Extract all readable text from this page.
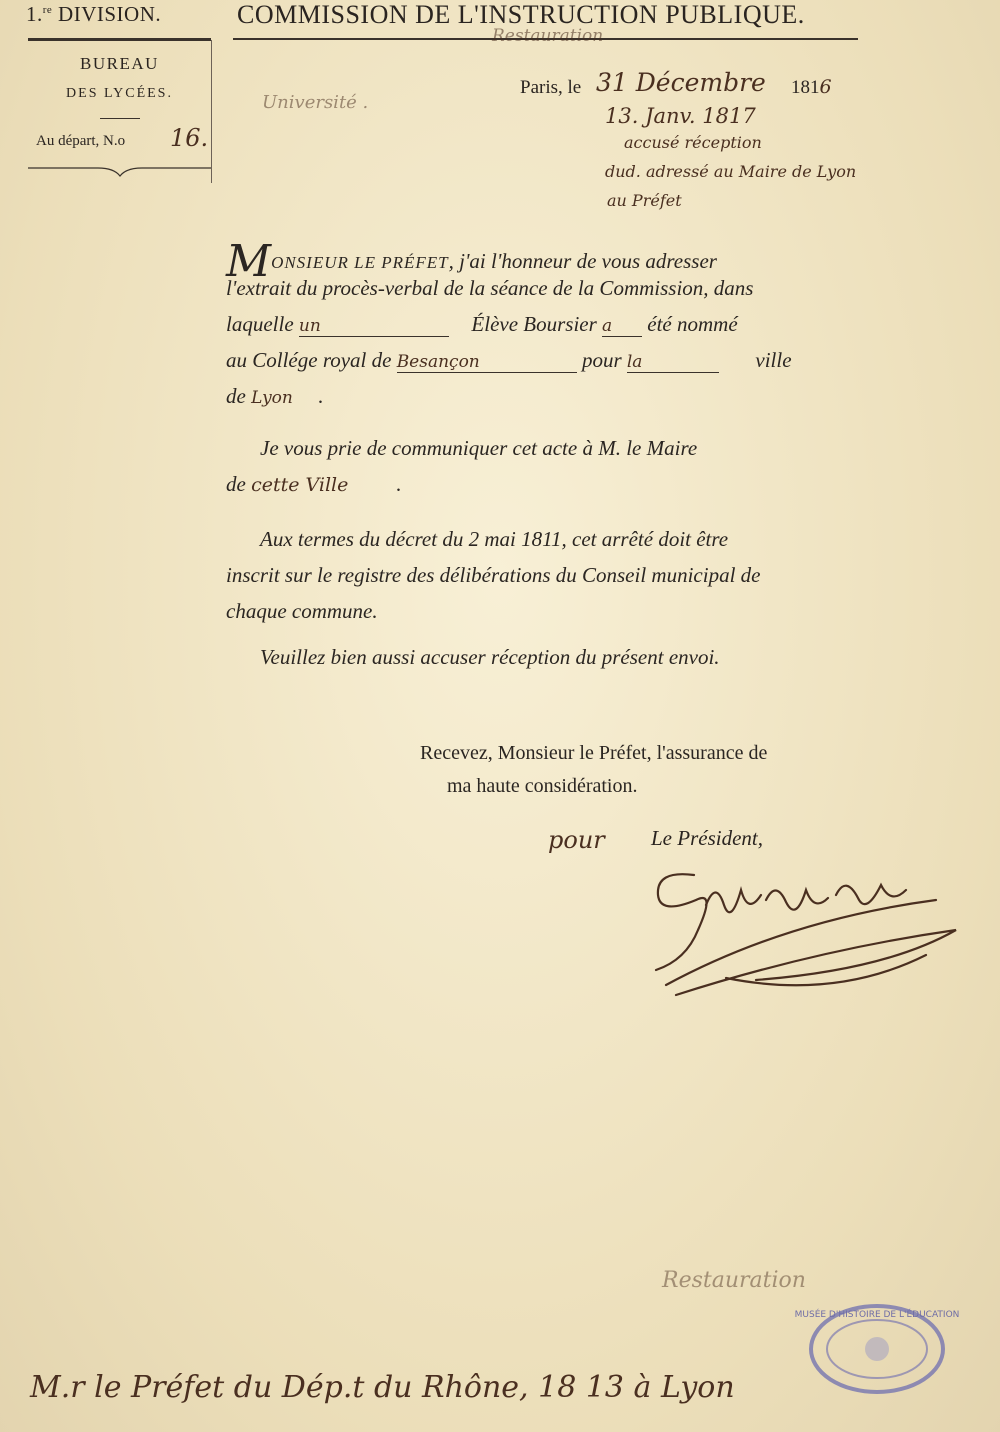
1.$^{re}$ DIVISION.	COMMISSION DE L'INSTRUCTION PUBLIQUE.
BUREAU
DES LYCÉES.
Au départ, N.o 16.
Restauration
Université .
Paris, le 31 Décembre 1816
13. Janv. 1817
accusé réception
dud. adressé au Maire de Lyon
au Préfet
MONSIEUR LE PRÉFET, j'ai l'honneur de vous adresser
l'extrait du procès-verbal de la séance de la Commission, dans
laquelle un	Élève Boursier a été nommé
au Collége royal de Besançon	pour la	ville
de Lyon .
Je vous prie de communiquer cet acte à M. le Maire
de cette Ville .
Aux termes du décret du 2 mai 1811, cet arrêté doit être
inscrit sur le registre des délibérations du Conseil municipal de
chaque commune.
Veuillez bien aussi accuser réception du présent envoi.
Recevez, Monsieur le Préfet, l'assurance de
ma haute considération.
pour Le Président,
Restauration
MUSÉE D'HISTOIRE DE L'ÉDUCATION
M.r le Préfet du Dép.t du Rhône, 18 13 à Lyon
